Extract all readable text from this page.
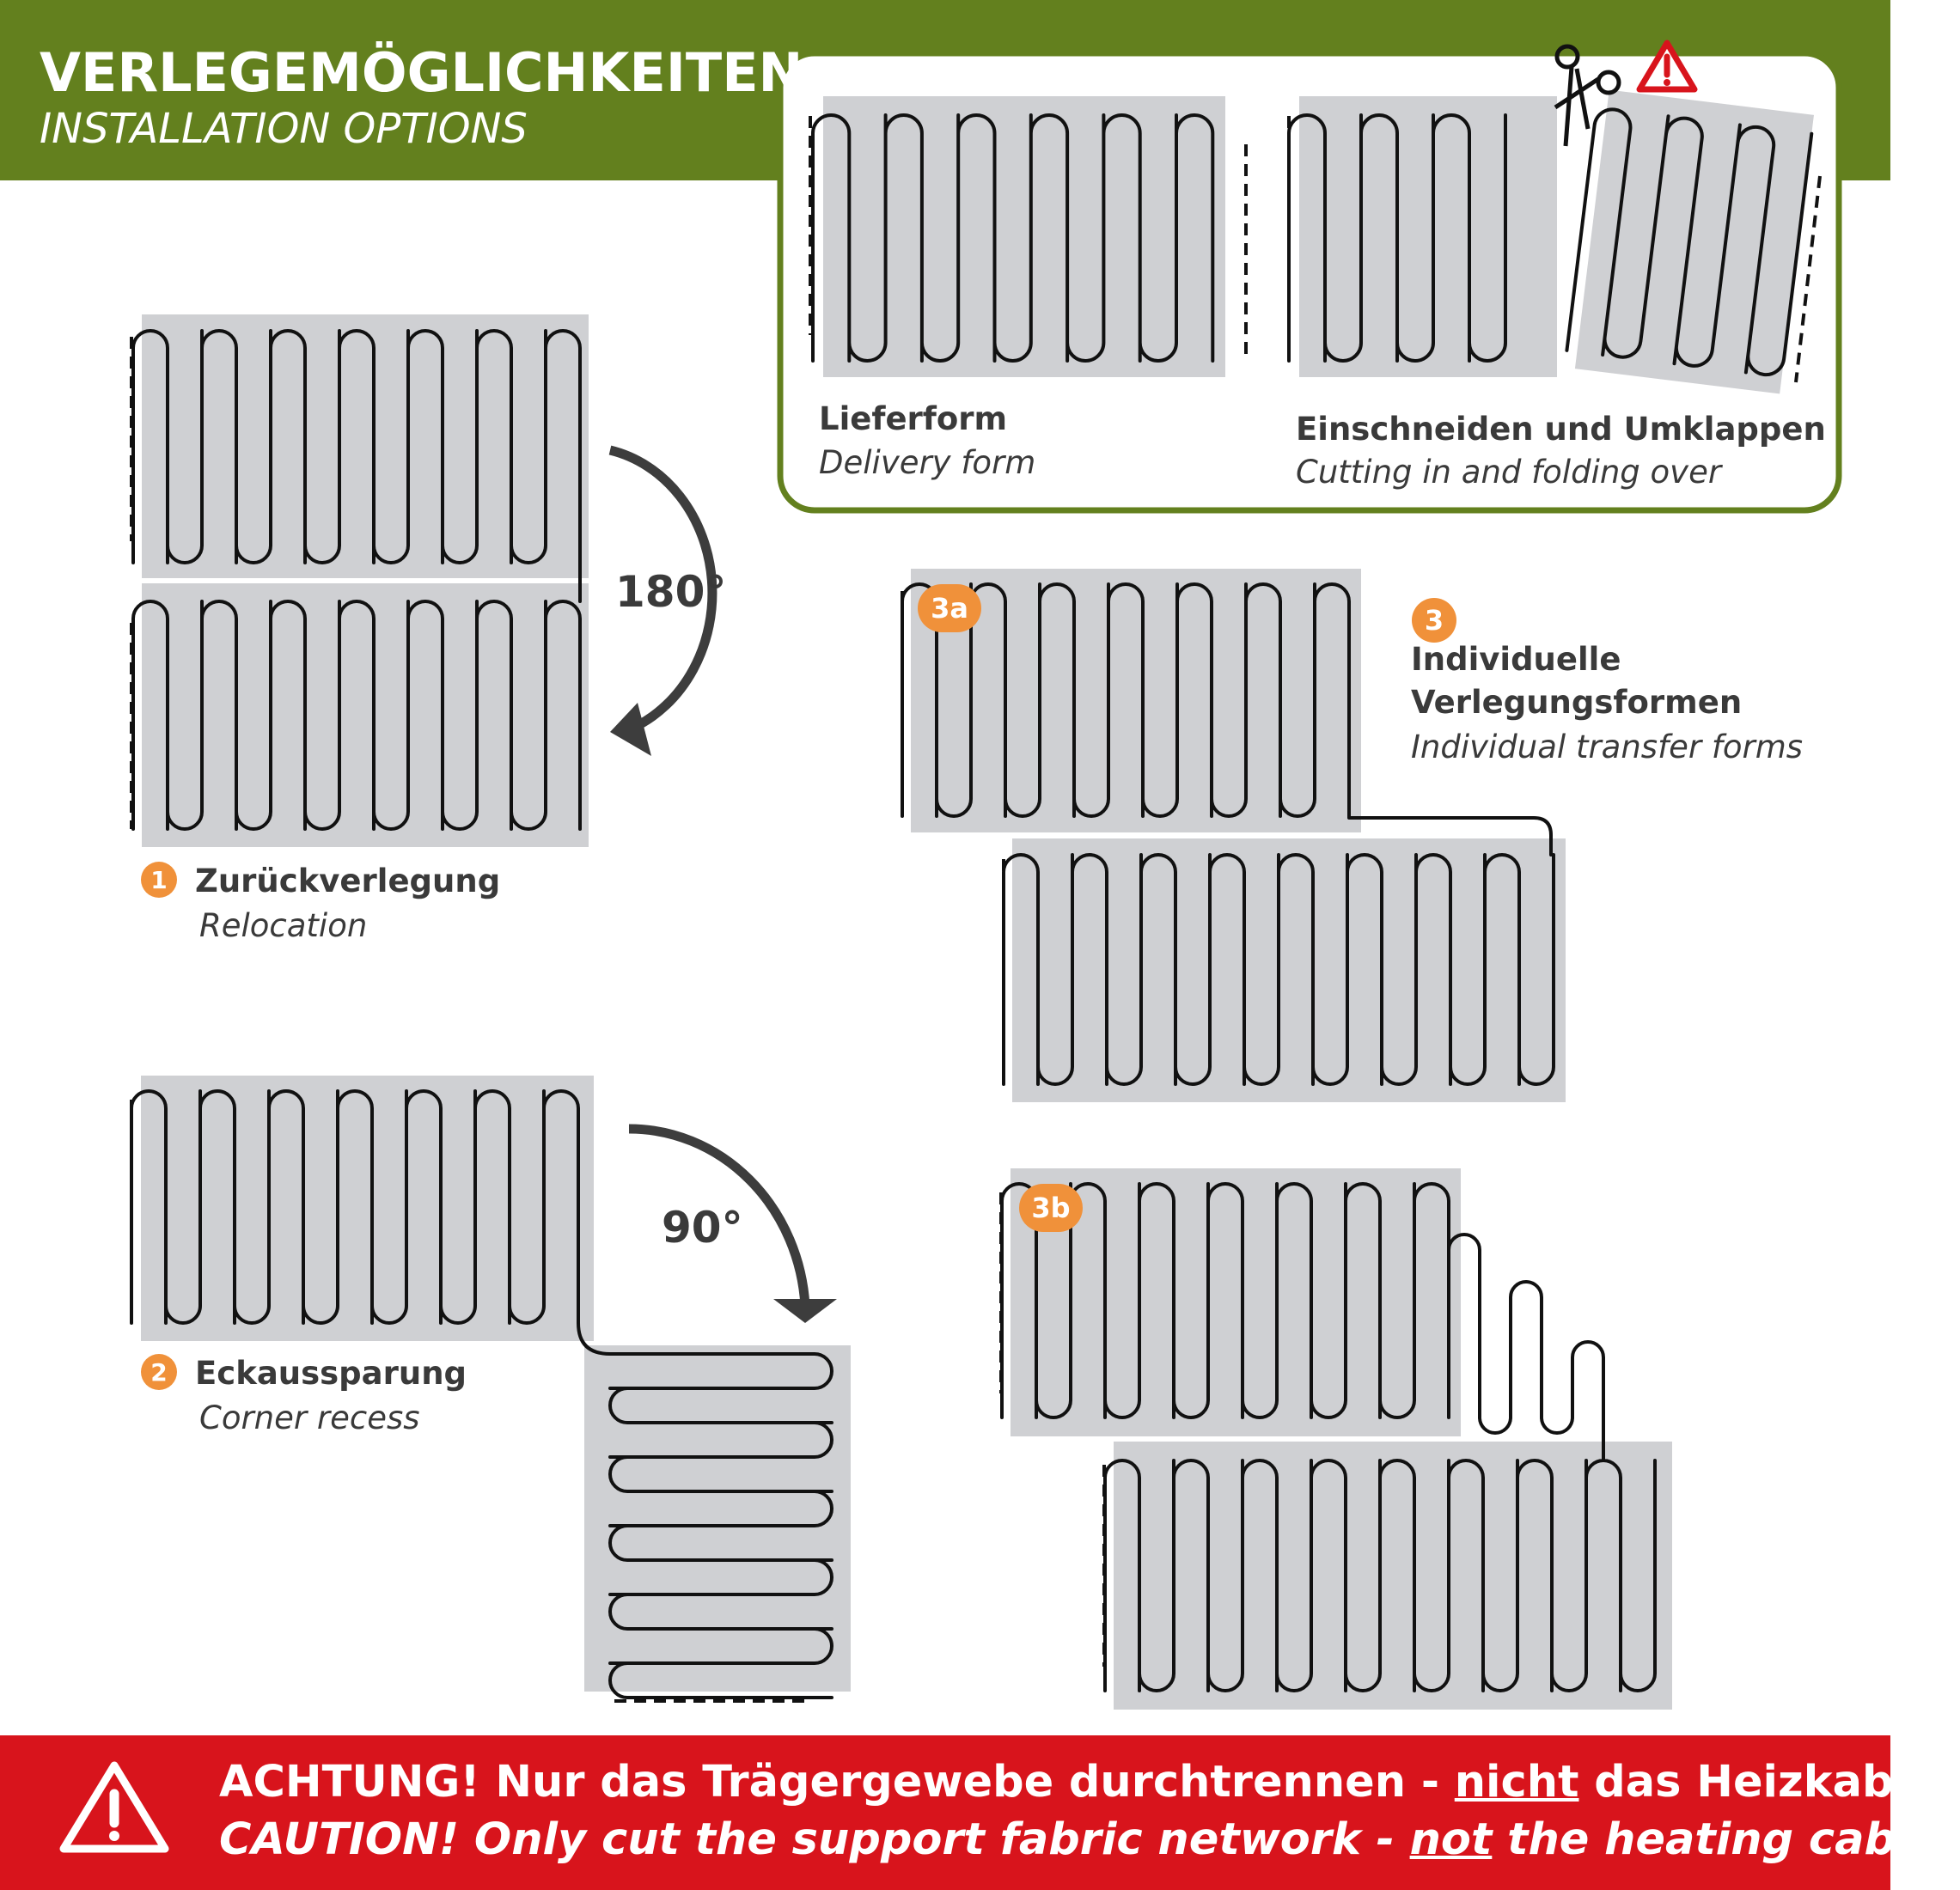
VERLEGEMÖGLICHKEITEN
INSTALLATION OPTIONS
Lieferform
Delivery form
Einschneiden und Umklappen
Cutting in and folding over
180°
90°
1 Zurückverlegung
Relocation
2 Eckaussparung
Corner recess
3
Individuelle
Verlegungsformen
Individual transfer forms
3a
3b
ACHTUNG! Nur das Trägergewebe durchtrennen - nicht das Heizkabel!
CAUTION! Only cut the support fabric network - not the heating cable!
